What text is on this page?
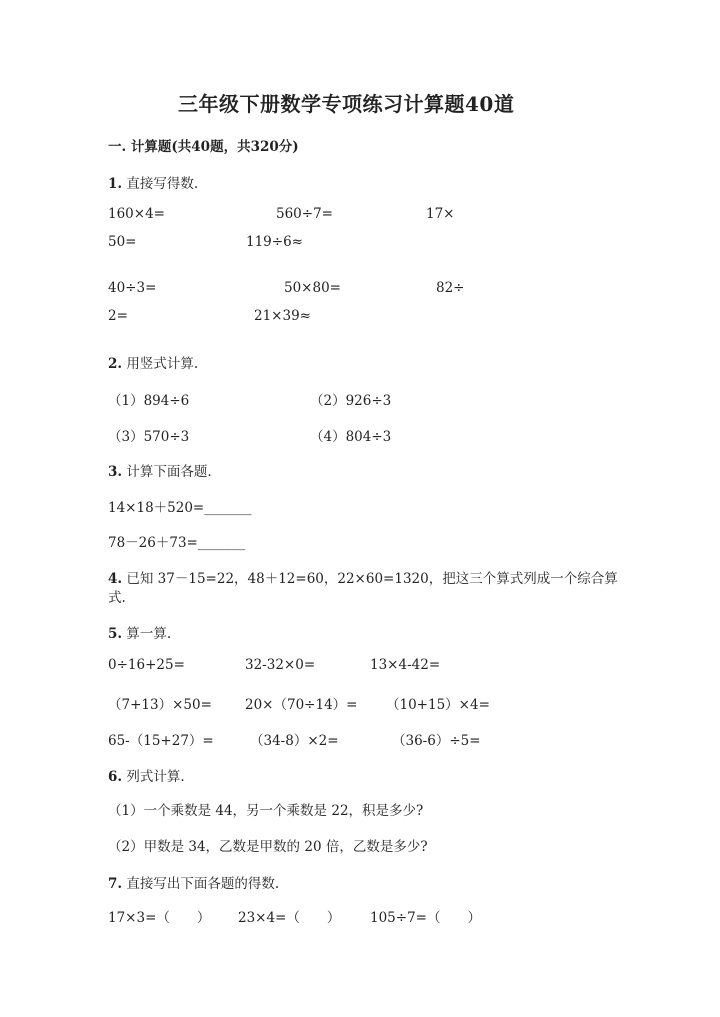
三年级下册数学专项练习计算题40道
一. 计算题(共40题，共320分)
1. 直接写得数.
160×4=	560÷7=	17×
50=	119÷6≈
40÷3=	50×80=	82÷
2=	21×39≈
2. 用竖式计算.
（1）894÷6	（2）926÷3
（3）570÷3	（4）804÷3
3. 计算下面各题.
14×18＋520=_______
78－26＋73=_______
4. 已知 37－15=22，48＋12=60，22×60=1320，把这三个算式列成一个综合算
式.
5. 算一算.
0÷16+25=	32-32×0=	13×4-42=
（7+13）×50= 20×（70÷14）= （10+15）×4=
65-（15+27）=	（34-8）×2=	（36-6）÷5=
6. 列式计算.
（1）一个乘数是 44，另一个乘数是 22，积是多少?
（2）甲数是 34，乙数是甲数的 20 倍，乙数是多少?
7. 直接写出下面各题的得数.
17×3=（　　） 23×4=（　　） 105÷7=（　　）
